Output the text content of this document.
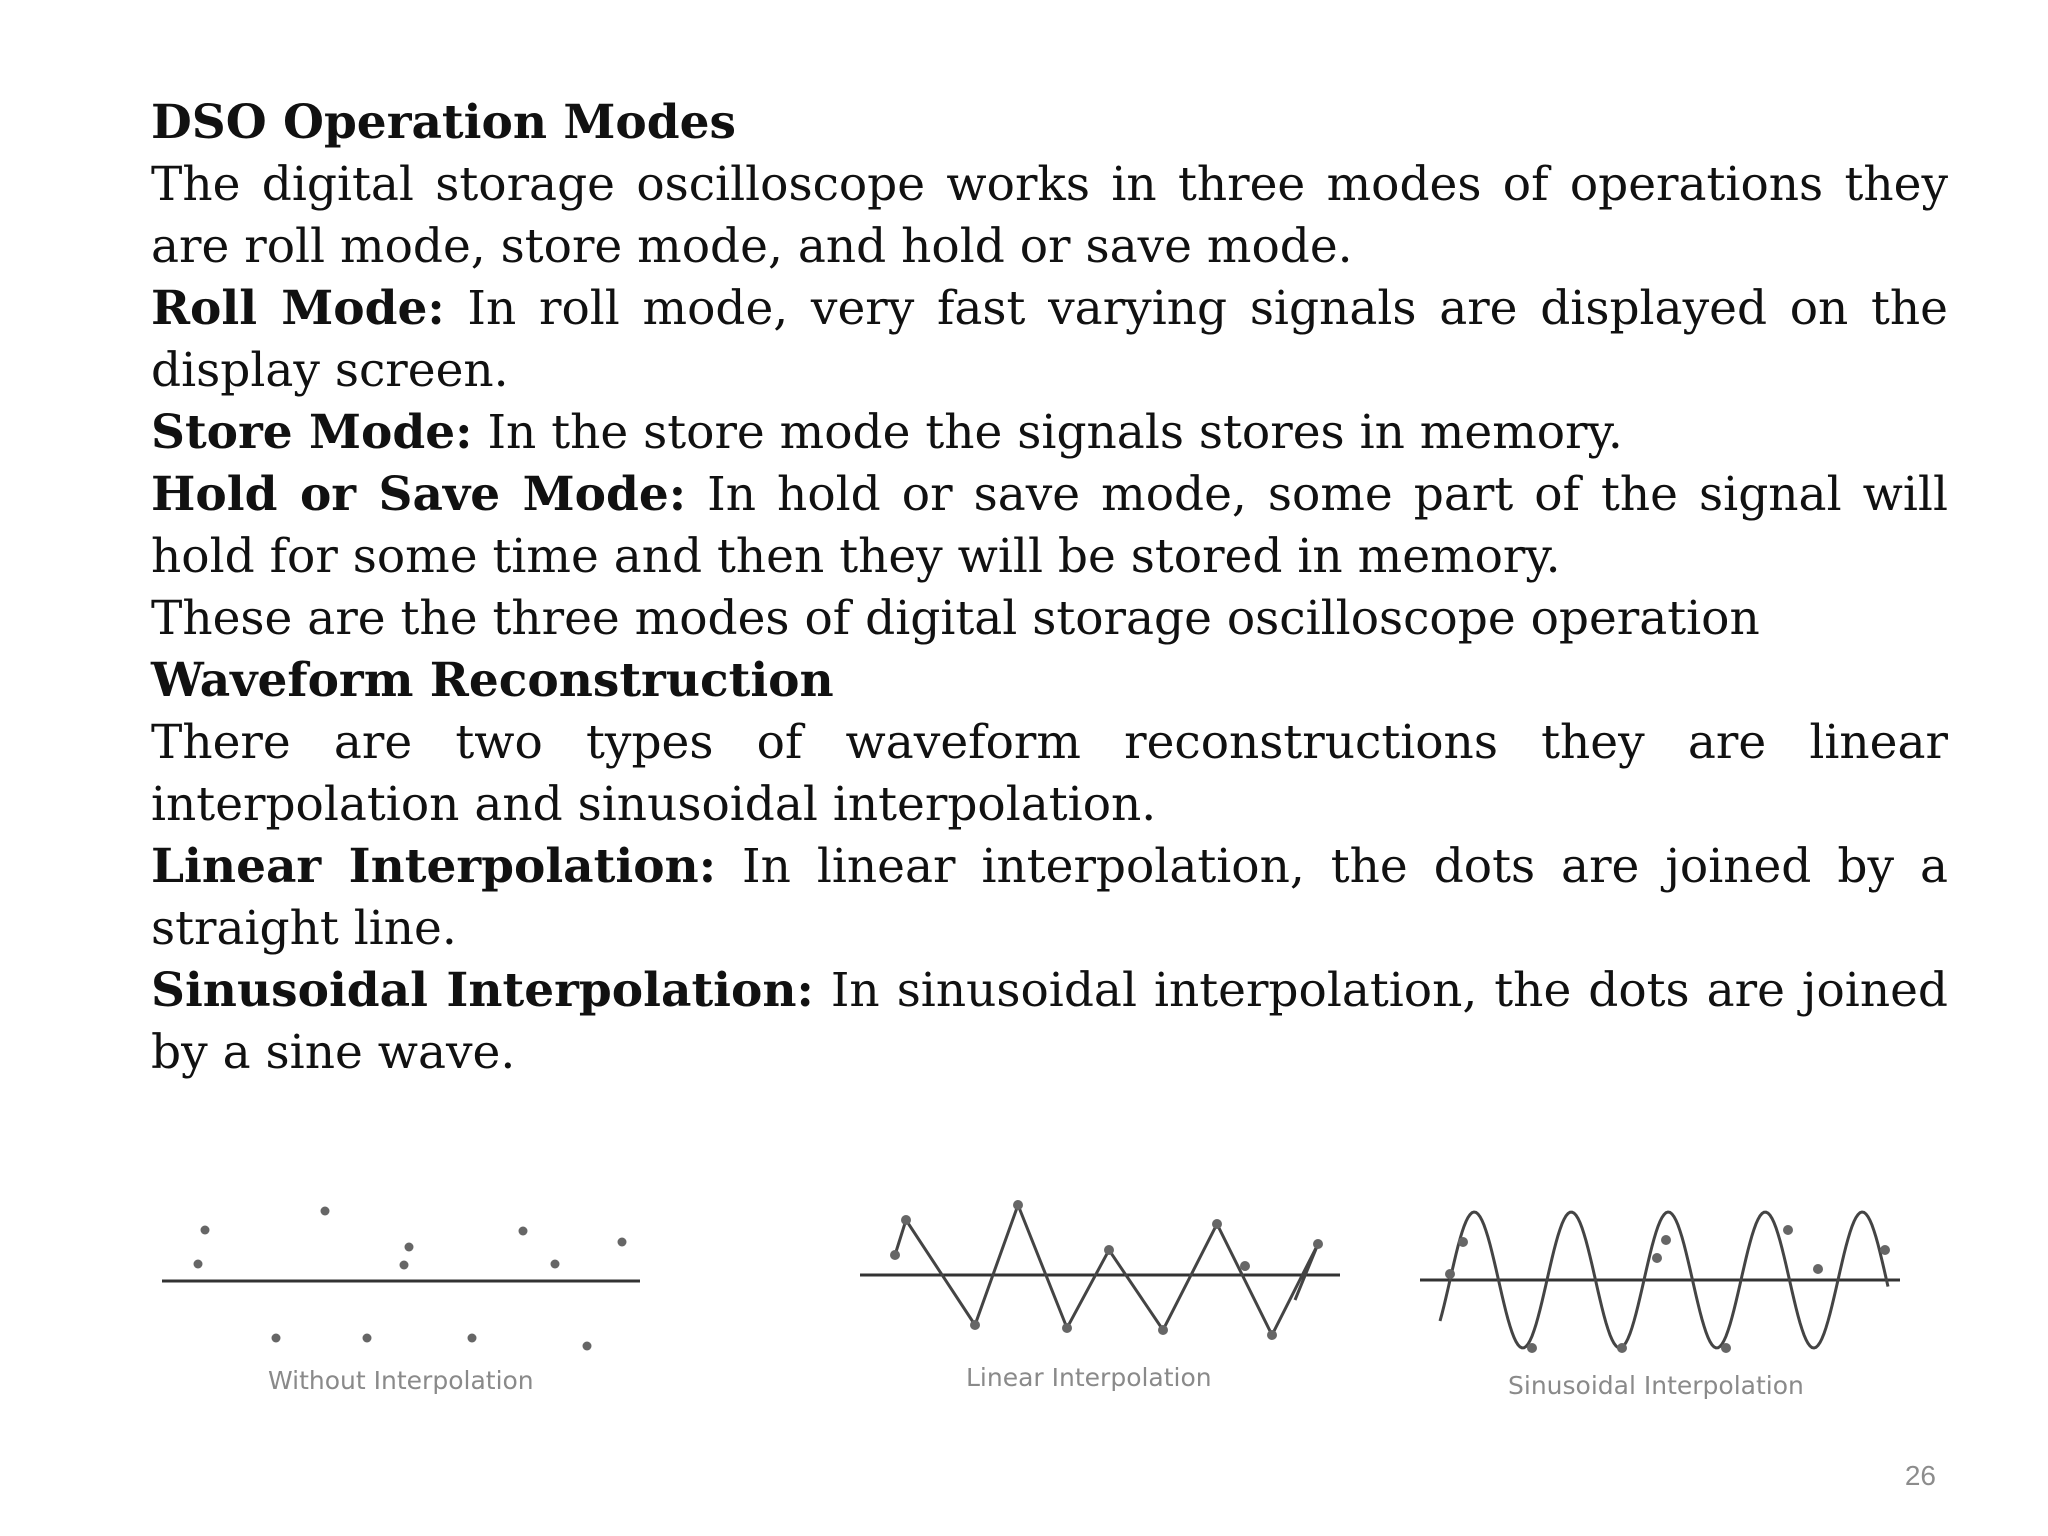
DSO Operation Modes

The digital storage oscilloscope works in three modes of operations they are roll mode, store mode, and hold or save mode.

Roll Mode: In roll mode, very fast varying signals are displayed on the display screen.

Store Mode: In the store mode the signals stores in memory.

Hold or Save Mode: In hold or save mode, some part of the signal will hold for some time and then they will be stored in memory.

These are the three modes of digital storage oscilloscope operation

Waveform Reconstruction

There are two types of waveform reconstructions they are linear interpolation and sinusoidal interpolation.

Linear Interpolation: In linear interpolation, the dots are joined by a straight line.

Sinusoidal Interpolation: In sinusoidal interpolation, the dots are joined by a sine wave.

Without Interpolation	Linear Interpolation	Sinusoidal Interpolation
26
